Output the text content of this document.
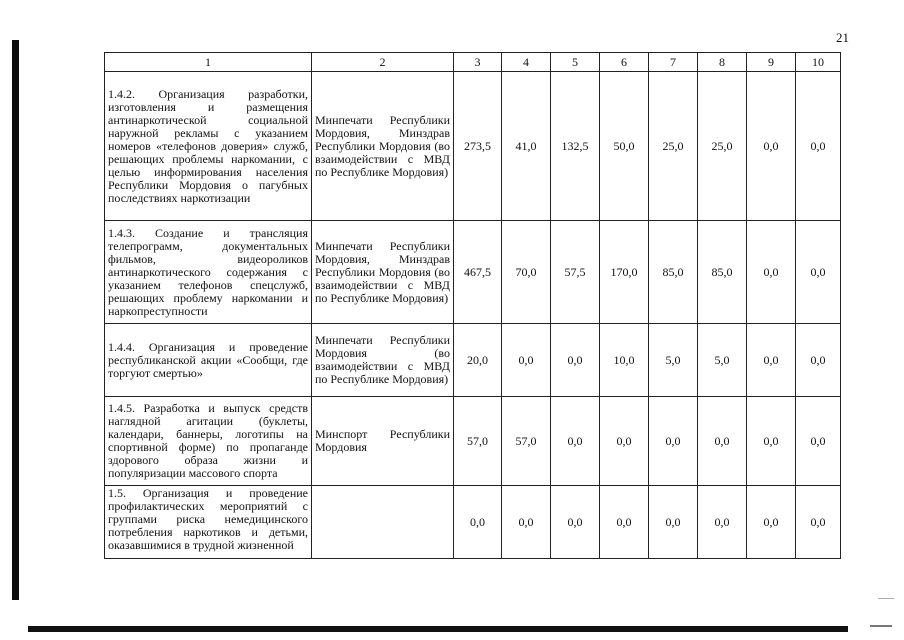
21
1	2	3	4	5	6	7	8	9	10
1.4.2. Организация разработки, изготовления и размещения антинаркотической социальной наружной рекламы с указанием номеров «телефонов доверия» служб, решающих проблемы наркомании, с целью информирования населения Республики Мордовия о пагубных последствиях наркотизации	Минпечати Республики Мордовия, Минздрав Республики Мордовия (во взаимодействии с МВД по Республике Мордовия)	273,5	41,0	132,5	50,0	25,0	25,0	0,0	0,0
1.4.3. Создание и трансляция телепрограмм, документальных фильмов, видеороликов антинаркотического содержания с указанием телефонов спецслужб, решающих проблему наркомании и наркопреступности	Минпечати Республики Мордовия, Минздрав Республики Мордовия (во взаимодействии с МВД по Республике Мордовия)	467,5	70,0	57,5	170,0	85,0	85,0	0,0	0,0
1.4.4. Организация и проведение республиканской акции «Сообщи, где торгуют смертью»	Минпечати Республики Мордовия (во взаимодействии с МВД по Республике Мордовия)	20,0	0,0	0,0	10,0	5,0	5,0	0,0	0,0
1.4.5. Разработка и выпуск средств наглядной агитации (буклеты, календари, баннеры, логотипы на спортивной форме) по пропаганде здорового образа жизни и популяризации массового спорта	Минспорт Республики Мордовия	57,0	57,0	0,0	0,0	0,0	0,0	0,0	0,0
1.5. Организация и проведение профилактических мероприятий с группами риска немедицинского потребления наркотиков и детьми, оказавшимися в трудной жизненной		0,0	0,0	0,0	0,0	0,0	0,0	0,0	0,0
